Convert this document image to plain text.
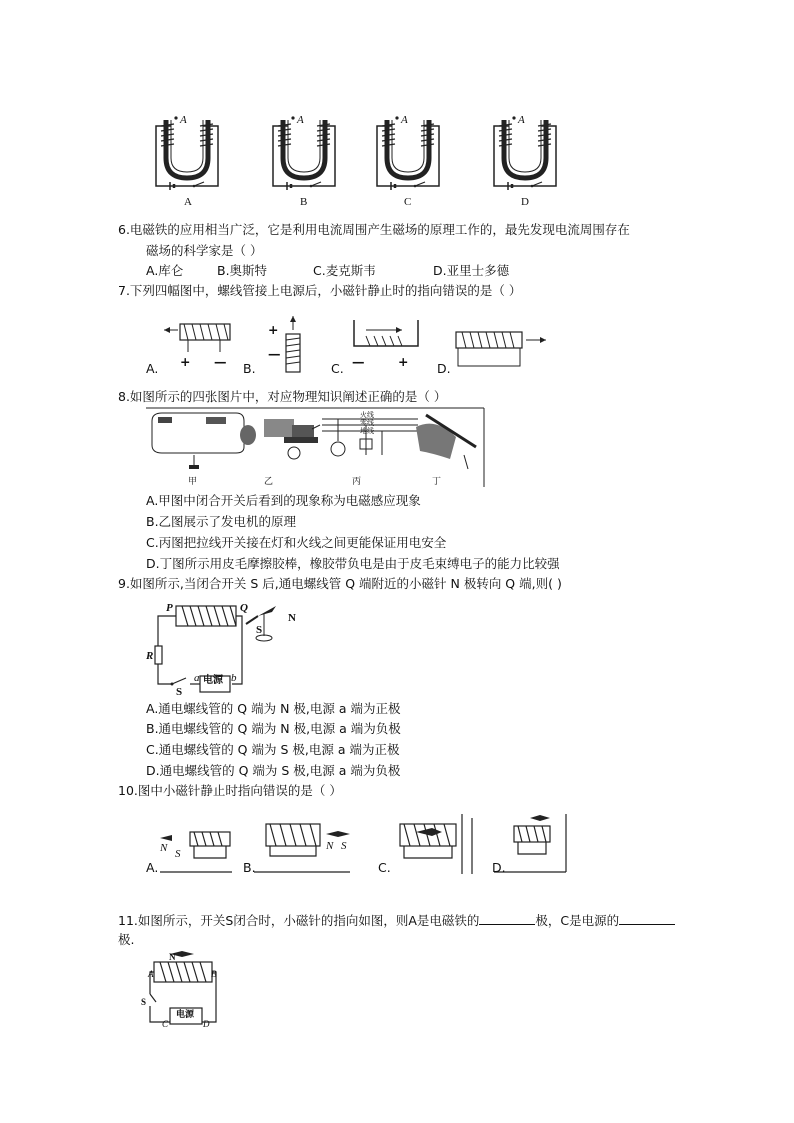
A	A	A	A
A	B	C	D
6.电磁铁的应用相当广泛，它是利用电流周围产生磁场的原理工作的，最先发现电流周围存在
磁场的科学家是（ ）
A.库仑	B.奥斯特	C.麦克斯韦	D.亚里士多德
7.下列四幅图中，螺线管接上电源后，小磁针静止时的指向错误的是（ ）
+ —
+
—
—	+
A.	B.	C.	D.
8.如图所示的四张图片中，对应物理知识阐述正确的是（ ）
火线
零线
地线
甲	乙	丙	丁
A.甲图中闭合开关后看到的现象称为电磁感应现象
B.乙图展示了发电机的原理
C.丙图把拉线开关接在灯和火线之间更能保证用电安全
D.丁图所示用皮毛摩擦胶棒，橡胶带负电是由于皮毛束缚电子的能力比较强
9.如图所示,当闭合开关 S 后,通电螺线管 Q 端附近的小磁针 N 极转向 Q 端,则( )
P	Q
N
S
R
S
a	b
电源
A.通电螺线管的 Q 端为 N 极,电源 a 端为正极
B.通电螺线管的 Q 端为 N 极,电源 a 端为负极
C.通电螺线管的 Q 端为 S 极,电源 a 端为正极
D.通电螺线管的 Q 端为 S 极,电源 a 端为负极
10.图中小磁针静止时指向错误的是（ ）
N S
N S
A.	B.	C.	D.
11.如图所示，开关S闭合时，小磁针的指向如图，则A是电磁铁的	极，C是电源的
极.
N
A	B
S
C	D
电源
